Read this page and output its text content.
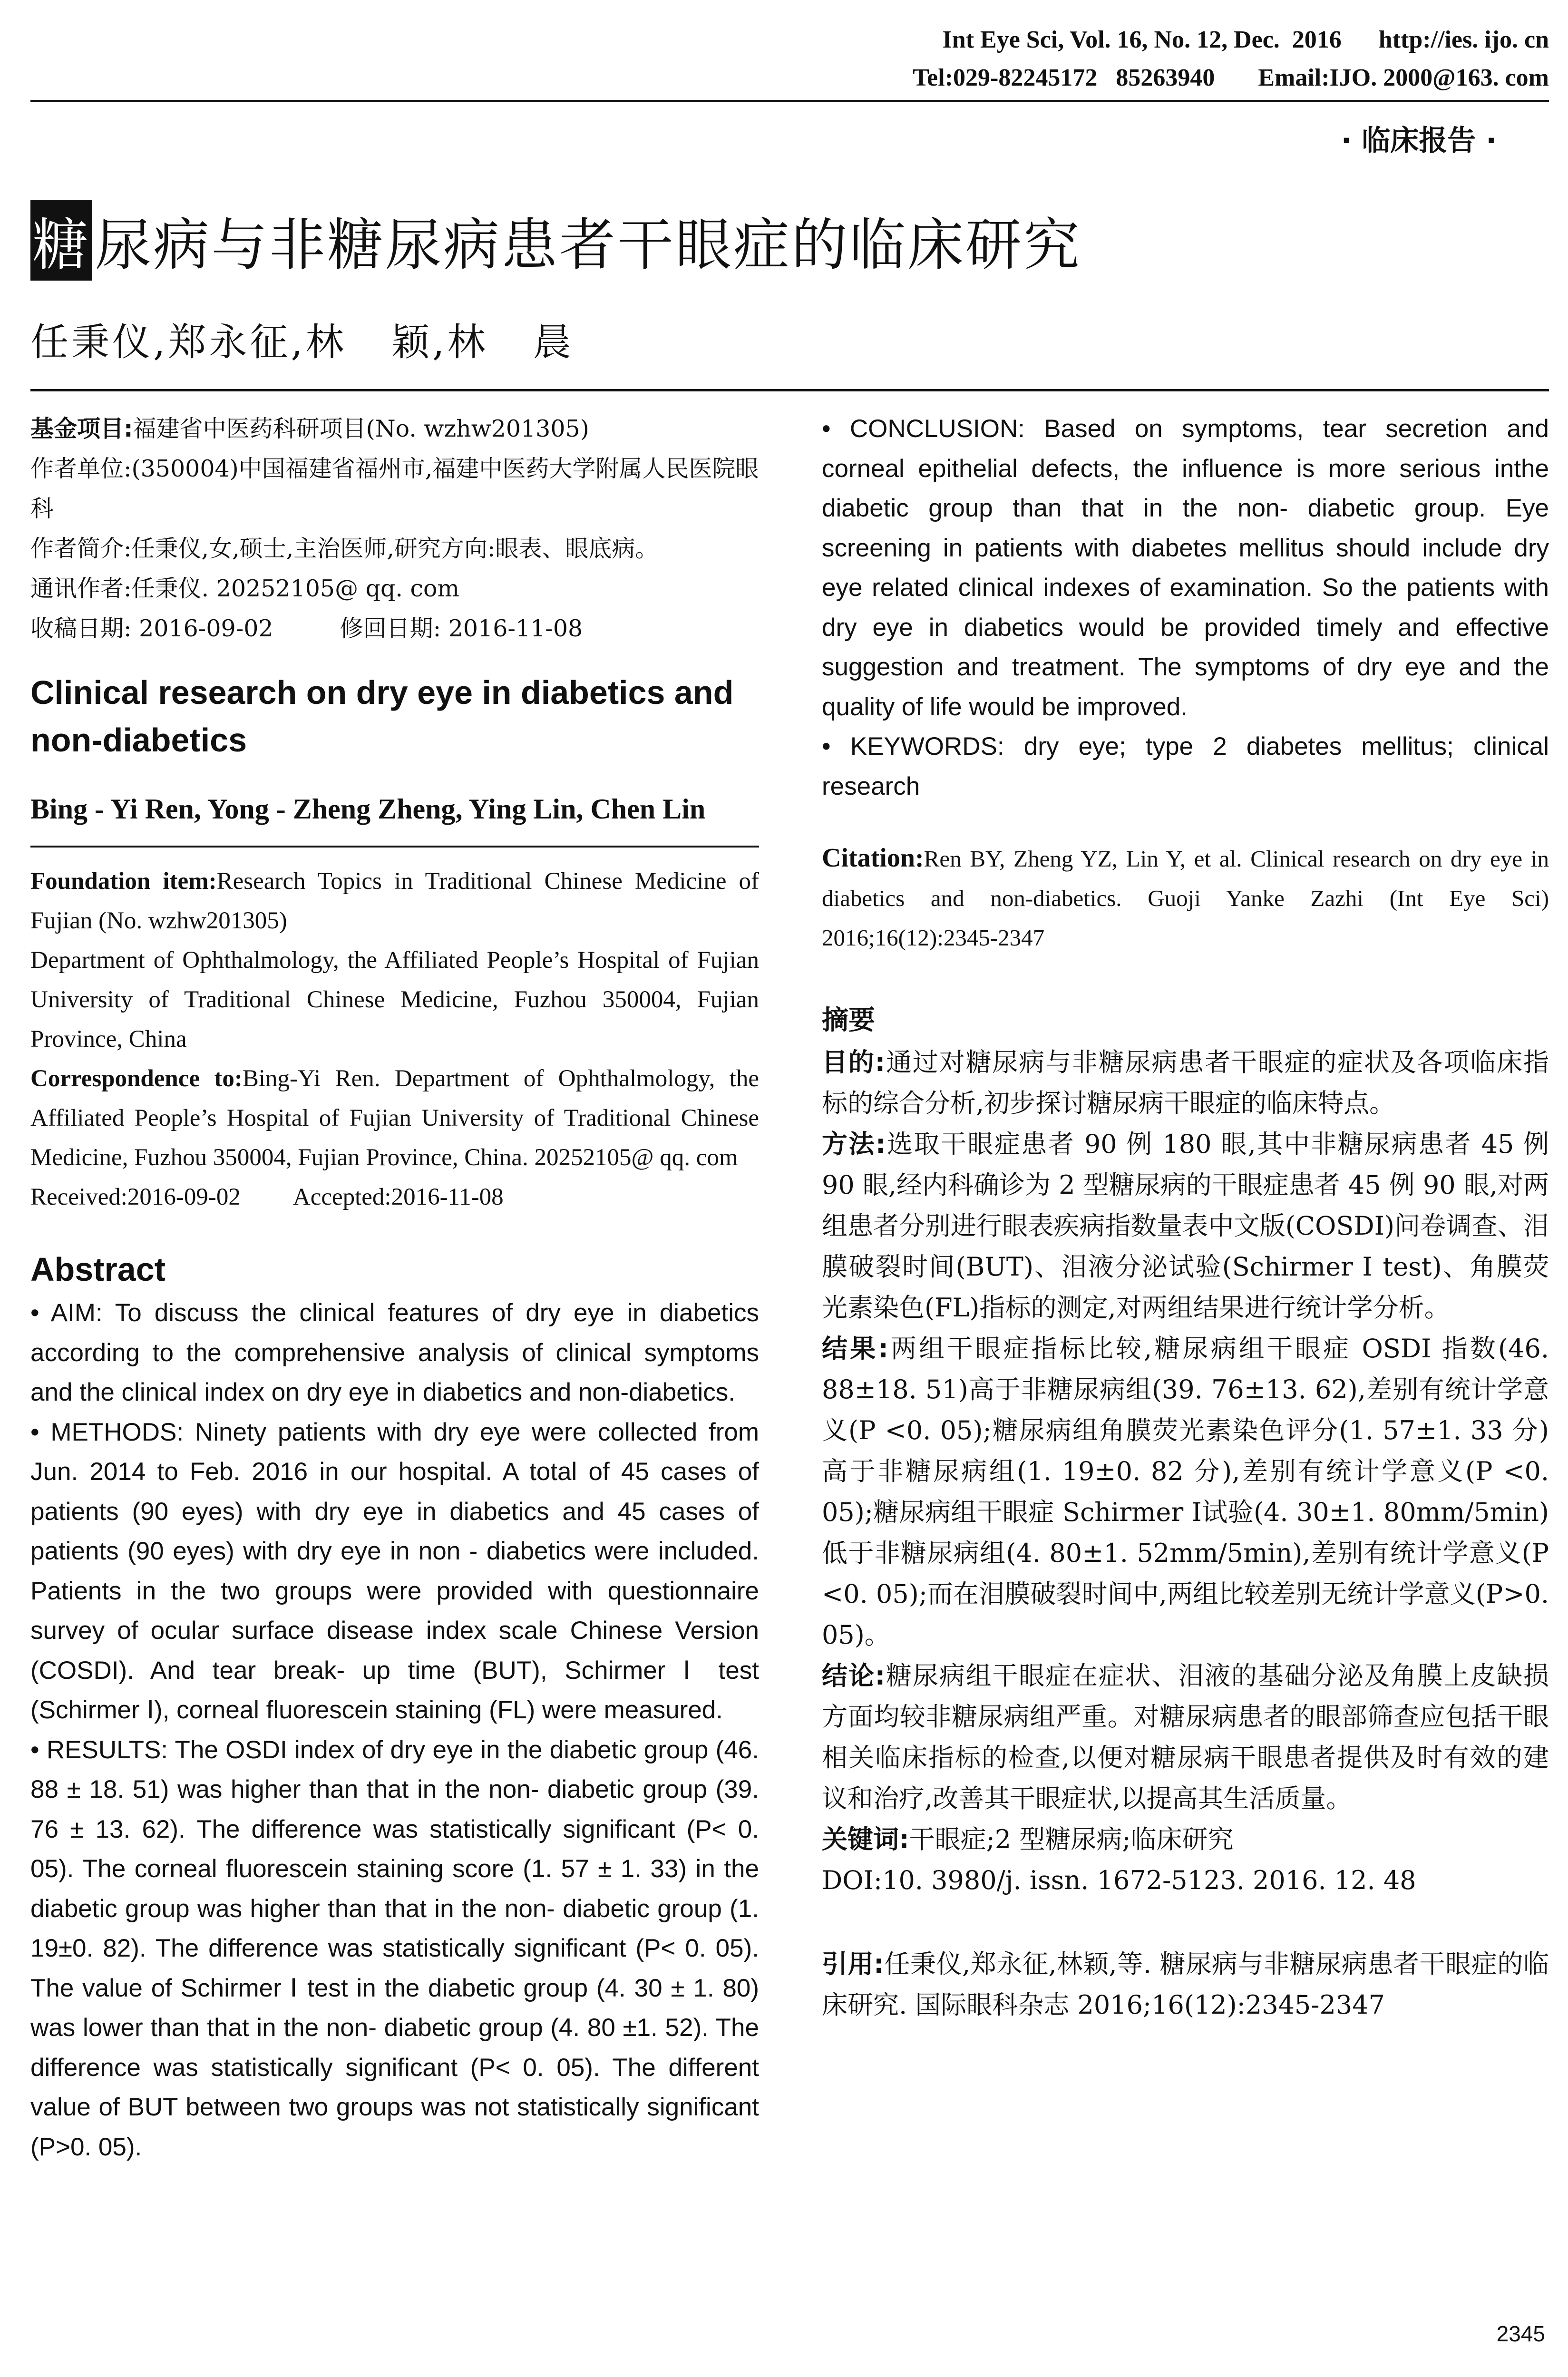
Int Eye Sci, Vol. 16, No. 12, Dec.  2016      http://ies. ijo. cn
Tel:029-82245172   85263940       Email:IJO. 2000@163. com
· 临床报告 ·
糖 尿病与非糖尿病患者干眼症的临床研究
任秉仪,郑永征,林   颖,林   晨

基金项目:福建省中医药科研项目(No. wzhw201305)

作者单位:(350004)中国福建省福州市,福建中医药大学附属人民医院眼科

作者简介:任秉仪,女,硕士,主治医师,研究方向:眼表、眼底病。

通讯作者:任秉仪. 20252105@ qq. com

收稿日期: 2016-09-02	修回日期: 2016-11-08

Clinical research on dry eye in diabetics and non-diabetics
Bing - Yi Ren, Yong - Zheng Zheng, Ying Lin, Chen Lin

Foundation item:Research Topics in Traditional Chinese Medicine of Fujian (No. wzhw201305)

Department of Ophthalmology, the Affiliated People’s Hospital of Fujian University of Traditional Chinese Medicine, Fuzhou 350004, Fujian Province, China

Correspondence to:Bing-Yi Ren. Department of Ophthalmology, the Affiliated People’s Hospital of Fujian University of Traditional Chinese Medicine, Fuzhou 350004, Fujian Province, China. 20252105@ qq. com

Received:2016-09-02 Accepted:2016-11-08

Abstract

• AIM: To discuss the clinical features of dry eye in diabetics according to the comprehensive analysis of clinical symptoms and the clinical index on dry eye in diabetics and non-diabetics.

• METHODS: Ninety patients with dry eye were collected from Jun. 2014 to Feb. 2016 in our hospital. A total of 45 cases of patients (90 eyes) with dry eye in diabetics and 45 cases of patients (90 eyes) with dry eye in non - diabetics were included. Patients in the two groups were provided with questionnaire survey of ocular surface disease index scale Chinese Version (COSDI). And tear break- up time (BUT), Schirmer Ⅰ test (Schirmer Ⅰ), corneal fluorescein staining (FL) were measured.

• RESULTS: The OSDI index of dry eye in the diabetic group (46. 88 ± 18. 51) was higher than that in the non- diabetic group (39. 76 ± 13. 62). The difference was statistically significant (P< 0. 05). The corneal fluorescein staining score (1. 57 ± 1. 33) in the diabetic group was higher than that in the non- diabetic group (1. 19±0. 82). The difference was statistically significant (P< 0. 05). The value of Schirmer Ⅰ test in the diabetic group (4. 30 ± 1. 80) was lower than that in the non- diabetic group (4. 80 ±1. 52). The difference was statistically significant (P< 0. 05). The different value of BUT between two groups was not statistically significant (P>0. 05).

• CONCLUSION: Based on symptoms, tear secretion and corneal epithelial defects, the influence is more serious inthe diabetic group than that in the non- diabetic group. Eye screening in patients with diabetes mellitus should include dry eye related clinical indexes of examination. So the patients with dry eye in diabetics would be provided timely and effective suggestion and treatment. The symptoms of dry eye and the quality of life would be improved.

• KEYWORDS: dry eye; type 2 diabetes mellitus; clinical research

Citation:Ren BY, Zheng YZ, Lin Y, et al. Clinical research on dry eye in diabetics and non-diabetics. Guoji Yanke Zazhi (Int Eye Sci) 2016;16(12):2345-2347

摘要

目的:通过对糖尿病与非糖尿病患者干眼症的症状及各项临床指标的综合分析,初步探讨糖尿病干眼症的临床特点。

方法:选取干眼症患者 90 例 180 眼,其中非糖尿病患者 45 例 90 眼,经内科确诊为 2 型糖尿病的干眼症患者 45 例 90 眼,对两组患者分别进行眼表疾病指数量表中文版(COSDI)问卷调查、泪膜破裂时间(BUT)、泪液分泌试验(Schirmer Ⅰ test)、角膜荧光素染色(FL)指标的测定,对两组结果进行统计学分析。

结果:两组干眼症指标比较,糖尿病组干眼症 OSDI 指数(46. 88±18. 51)高于非糖尿病组(39. 76±13. 62),差别有统计学意义(P <0. 05);糖尿病组角膜荧光素染色评分(1. 57±1. 33 分)高于非糖尿病组(1. 19±0. 82 分),差别有统计学意义(P <0. 05);糖尿病组干眼症 Schirmer Ⅰ试验(4. 30±1. 80mm/5min)低于非糖尿病组(4. 80±1. 52mm/5min),差别有统计学意义(P <0. 05);而在泪膜破裂时间中,两组比较差别无统计学意义(P>0. 05)。

结论:糖尿病组干眼症在症状、泪液的基础分泌及角膜上皮缺损方面均较非糖尿病组严重。对糖尿病患者的眼部筛查应包括干眼相关临床指标的检查,以便对糖尿病干眼患者提供及时有效的建议和治疗,改善其干眼症状,以提高其生活质量。

关键词:干眼症;2 型糖尿病;临床研究

DOI:10. 3980/j. issn. 1672-5123. 2016. 12. 48

引用:任秉仪,郑永征,林颖,等. 糖尿病与非糖尿病患者干眼症的临床研究. 国际眼科杂志 2016;16(12):2345-2347

2345
